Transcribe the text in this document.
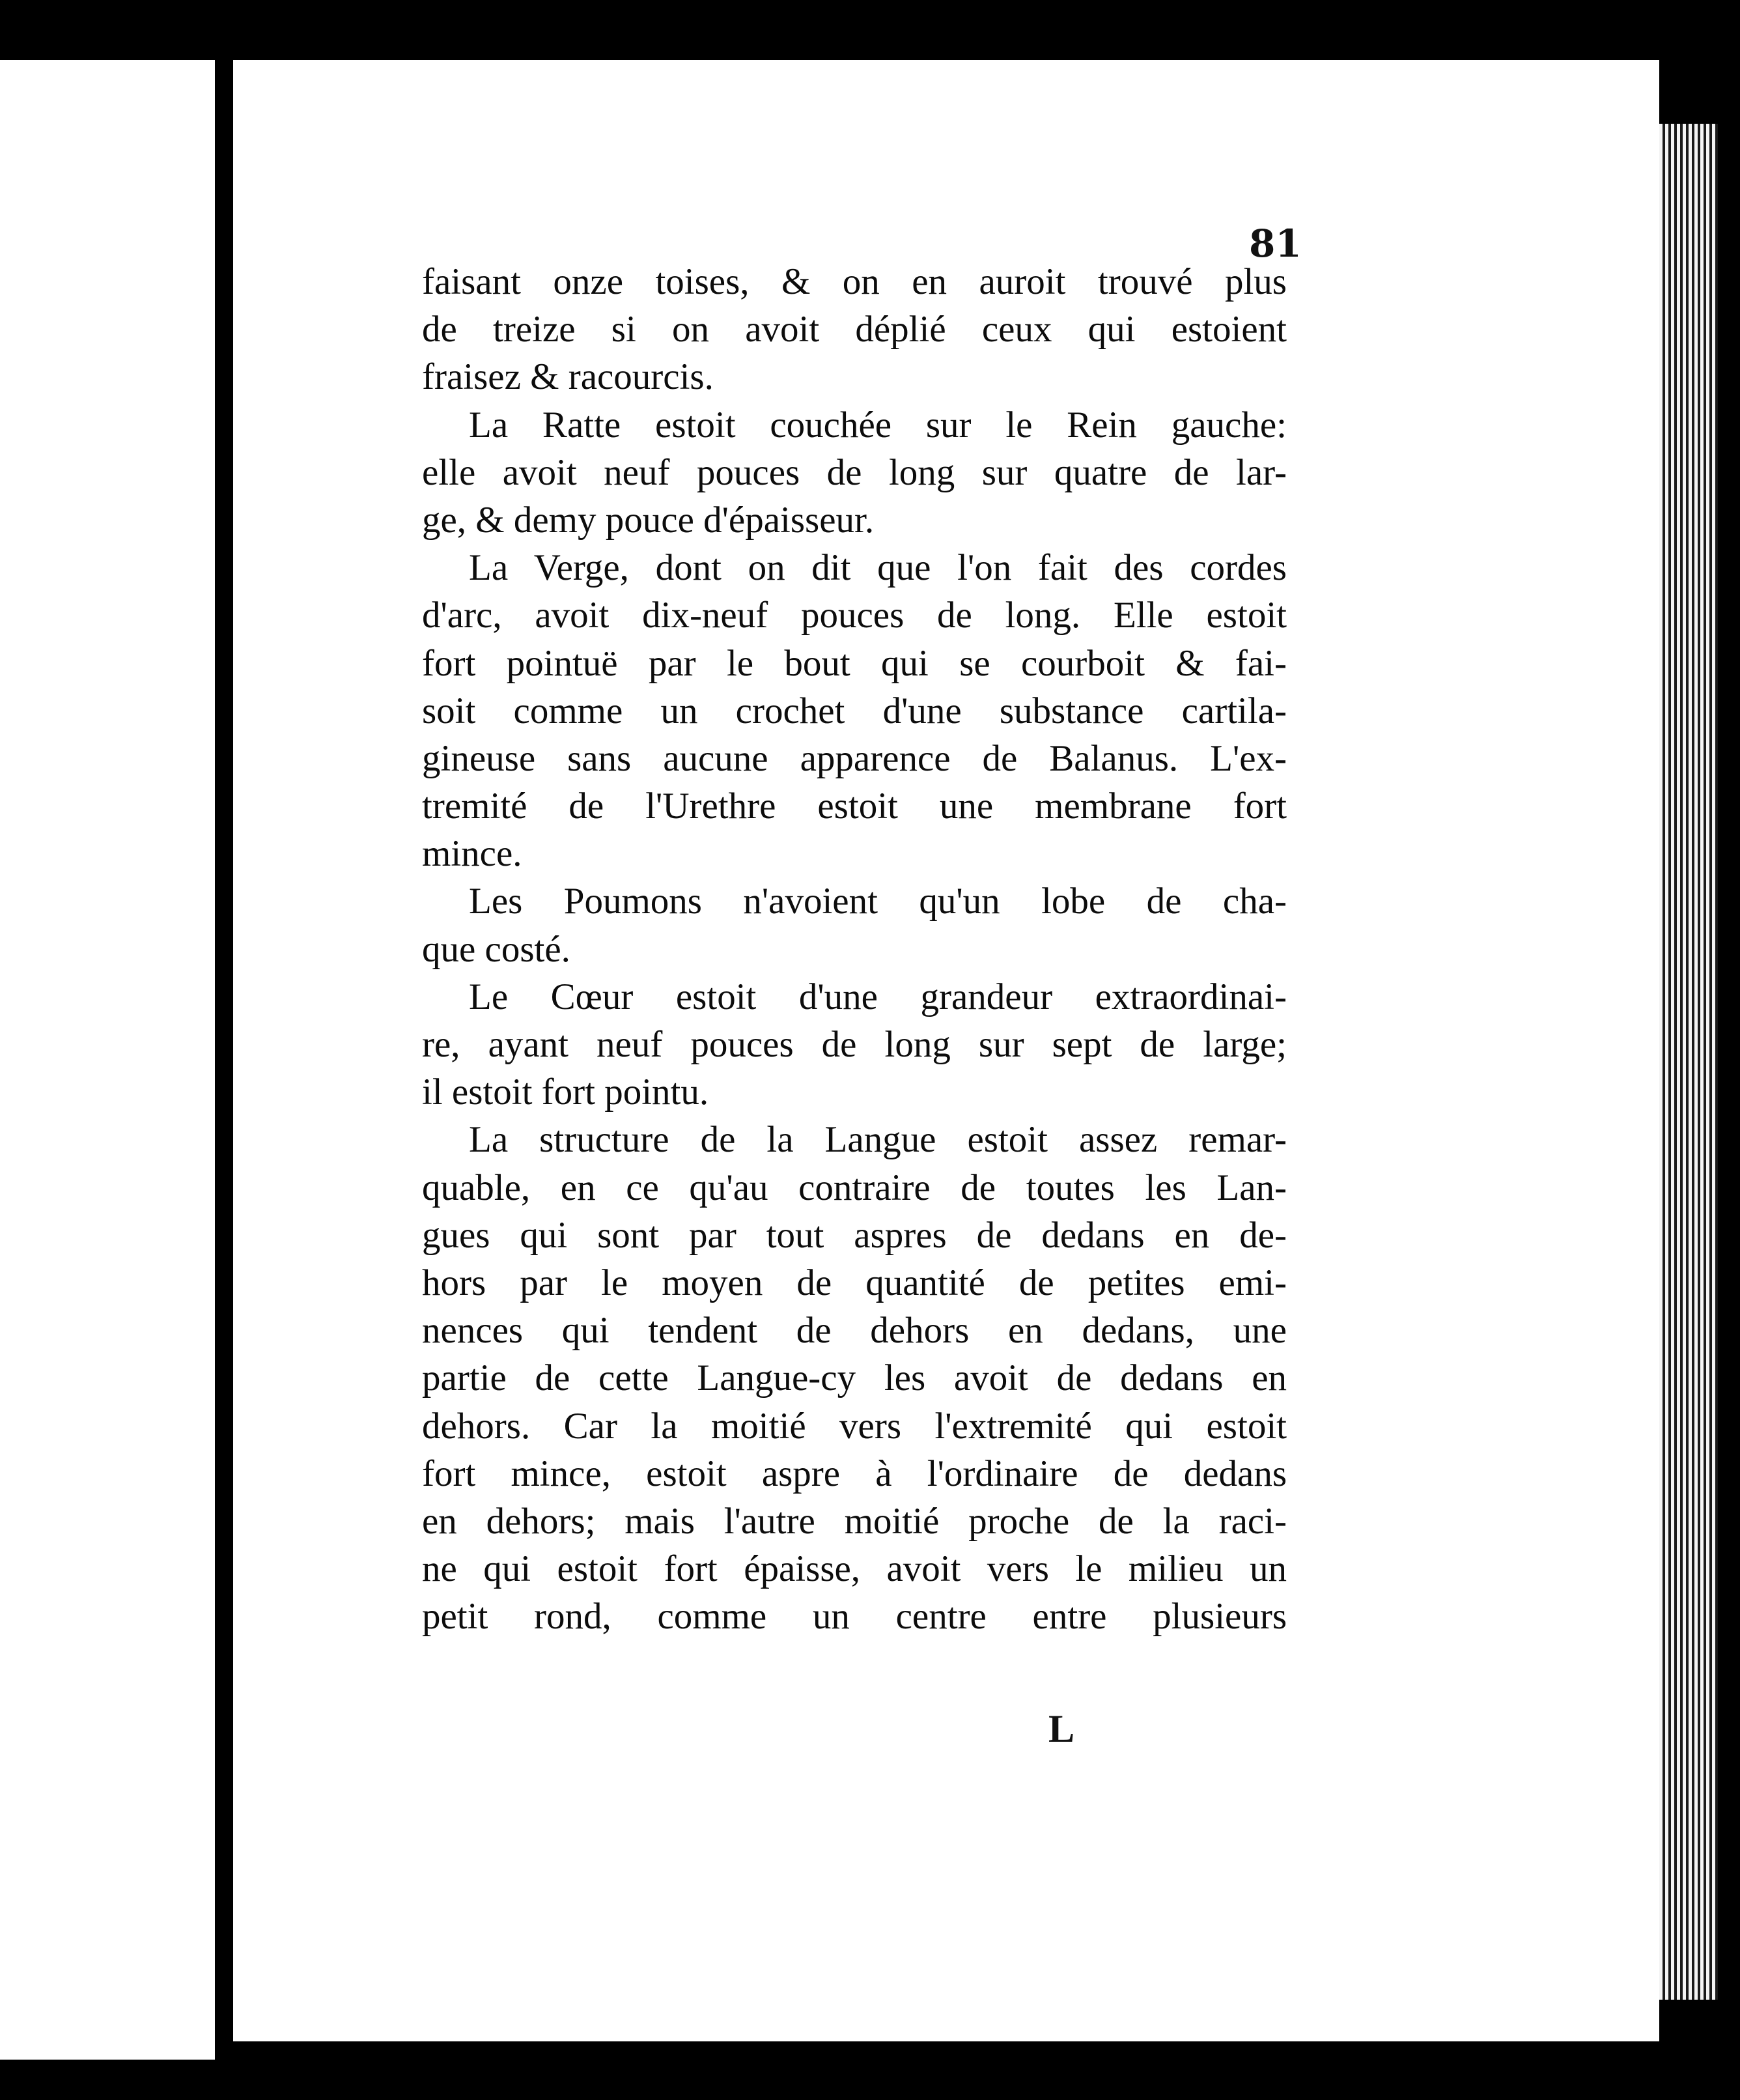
81
faisant onze toises, & on en auroit trouvé plus
de treize si on avoit déplié ceux qui estoient
fraisez & racourcis.
La Ratte estoit couchée sur le Rein gauche:
elle avoit neuf pouces de long sur quatre de lar-
ge, & demy pouce d'épaisseur.
La Verge, dont on dit que l'on fait des cordes
d'arc, avoit dix-neuf pouces de long. Elle estoit
fort pointuë par le bout qui se courboit & fai-
soit comme un crochet d'une substance cartila-
gineuse sans aucune apparence de Balanus. L'ex-
tremité de l'Urethre estoit une membrane fort
mince.
Les Poumons n'avoient qu'un lobe de cha-
que costé.
Le Cœur estoit d'une grandeur extraordinai-
re, ayant neuf pouces de long sur sept de large;
il estoit fort pointu.
La structure de la Langue estoit assez remar-
quable, en ce qu'au contraire de toutes les Lan-
gues qui sont par tout aspres de dedans en de-
hors par le moyen de quantité de petites emi-
nences qui tendent de dehors en dedans, une
partie de cette Langue-cy les avoit de dedans en
dehors. Car la moitié vers l'extremité qui estoit
fort mince, estoit aspre à l'ordinaire de dedans
en dehors; mais l'autre moitié proche de la raci-
ne qui estoit fort épaisse, avoit vers le milieu un
petit rond, comme un centre entre plusieurs
L
